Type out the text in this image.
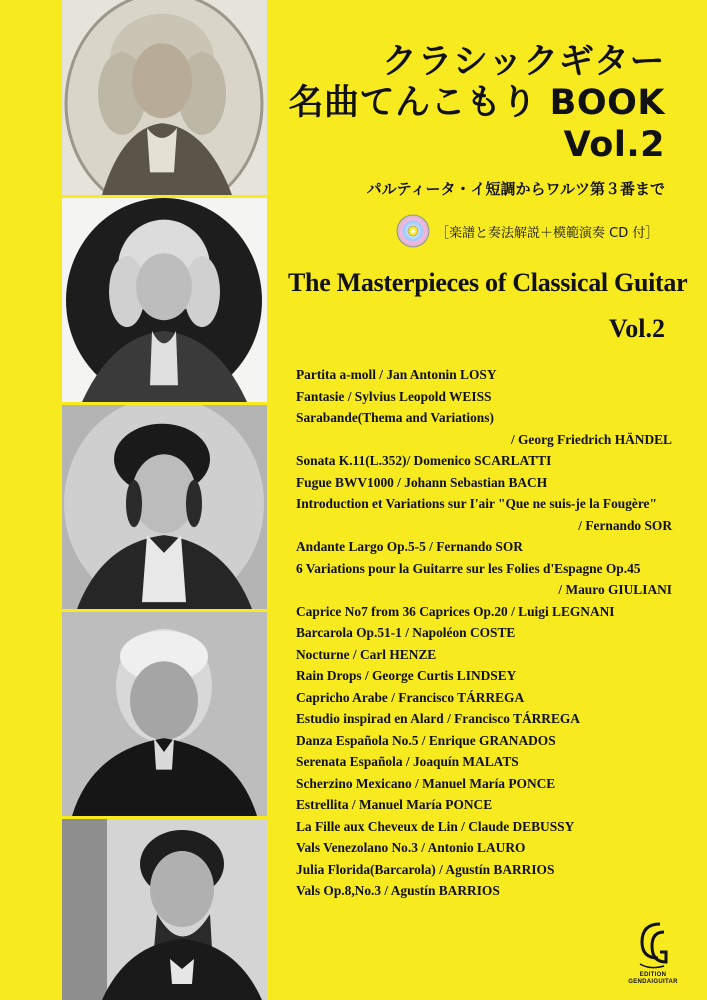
クラシックギター
名曲てんこもり BOOK
Vol.2
パルティータ・イ短調からワルツ第３番まで
［楽譜と奏法解説＋模範演奏 CD 付］
The Masterpieces of Classical Guitar
Vol.2
Partita a-moll / Jan Antonin LOSY
Fantasie / Sylvius Leopold WEISS
Sarabande(Thema and Variations)
/ Georg Friedrich HÄNDEL
Sonata K.11(L.352)/ Domenico SCARLATTI
Fugue BWV1000 / Johann Sebastian BACH
Introduction et Variations sur I'air "Que ne suis-je la Fougère"
/ Fernando SOR
Andante Largo Op.5-5 / Fernando SOR
6 Variations pour la Guitarre sur les Folies d'Espagne Op.45
/ Mauro GIULIANI
Caprice No7 from 36 Caprices Op.20 / Luigi LEGNANI
Barcarola Op.51-1 / Napoléon COSTE
Nocturne / Carl HENZE
Rain Drops / George Curtis LINDSEY
Capricho Arabe / Francisco TÁRREGA
Estudio inspirad en Alard / Francisco TÁRREGA
Danza Española No.5 / Enrique GRANADOS
Serenata Española / Joaquín MALATS
Scherzino Mexicano / Manuel María PONCE
Estrellita / Manuel María PONCE
La Fille aux Cheveux de Lin / Claude DEBUSSY
Vals Venezolano No.3 / Antonio LAURO
Julia Florida(Barcarola) / Agustín BARRIOS
Vals Op.8,No.3 / Agustín BARRIOS
EDITION
GENDAIGUITAR
